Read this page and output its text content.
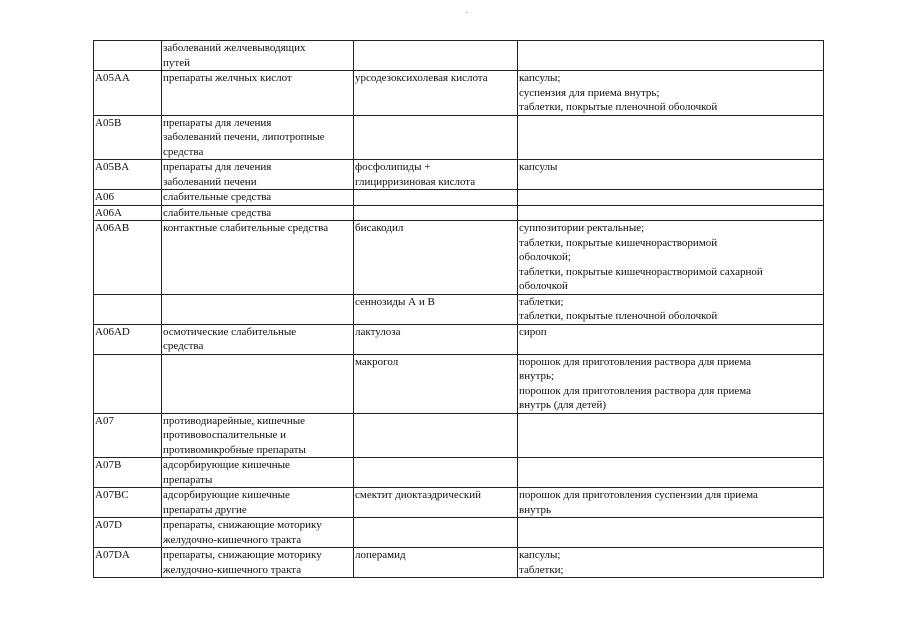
	заболеваний желчевыводящих
путей		

A05AA	препараты желчных кислот	урсодезоксихолевая кислота	капсулы;
суспензия для приема внутрь;
таблетки, покрытые пленочной оболочкой

A05B	препараты для лечения
заболеваний печени, липотропные
средства		

A05BA	препараты для лечения
заболеваний печени	фосфолипиды +
глицирризиновая кислота	капсулы

A06	слабительные средства		

A06A	слабительные средства		

A06AB	контактные слабительные средства	бисакодил	суппозитории ректальные;
таблетки, покрытые кишечнорастворимой
оболочкой;
таблетки, покрытые кишечнорастворимой сахарной
оболочкой

		сеннозиды А и В	таблетки;
таблетки, покрытые пленочной оболочкой

A06AD	осмотические слабительные
средства	лактулоза	сироп

		макрогол	порошок для приготовления раствора для приема
внутрь;
порошок для приготовления раствора для приема
внутрь (для детей)

A07	противодиарейные, кишечные
противовоспалительные и
противомикробные препараты		

A07B	адсорбирующие кишечные
препараты		

A07BC	адсорбирующие кишечные
препараты другие	смектит диоктаэдрический	порошок для приготовления суспензии для приема
внутрь

A07D	препараты, снижающие моторику
желудочно-кишечного тракта		

A07DA	препараты, снижающие моторику
желудочно-кишечного тракта	лоперамид	капсулы;
таблетки;
